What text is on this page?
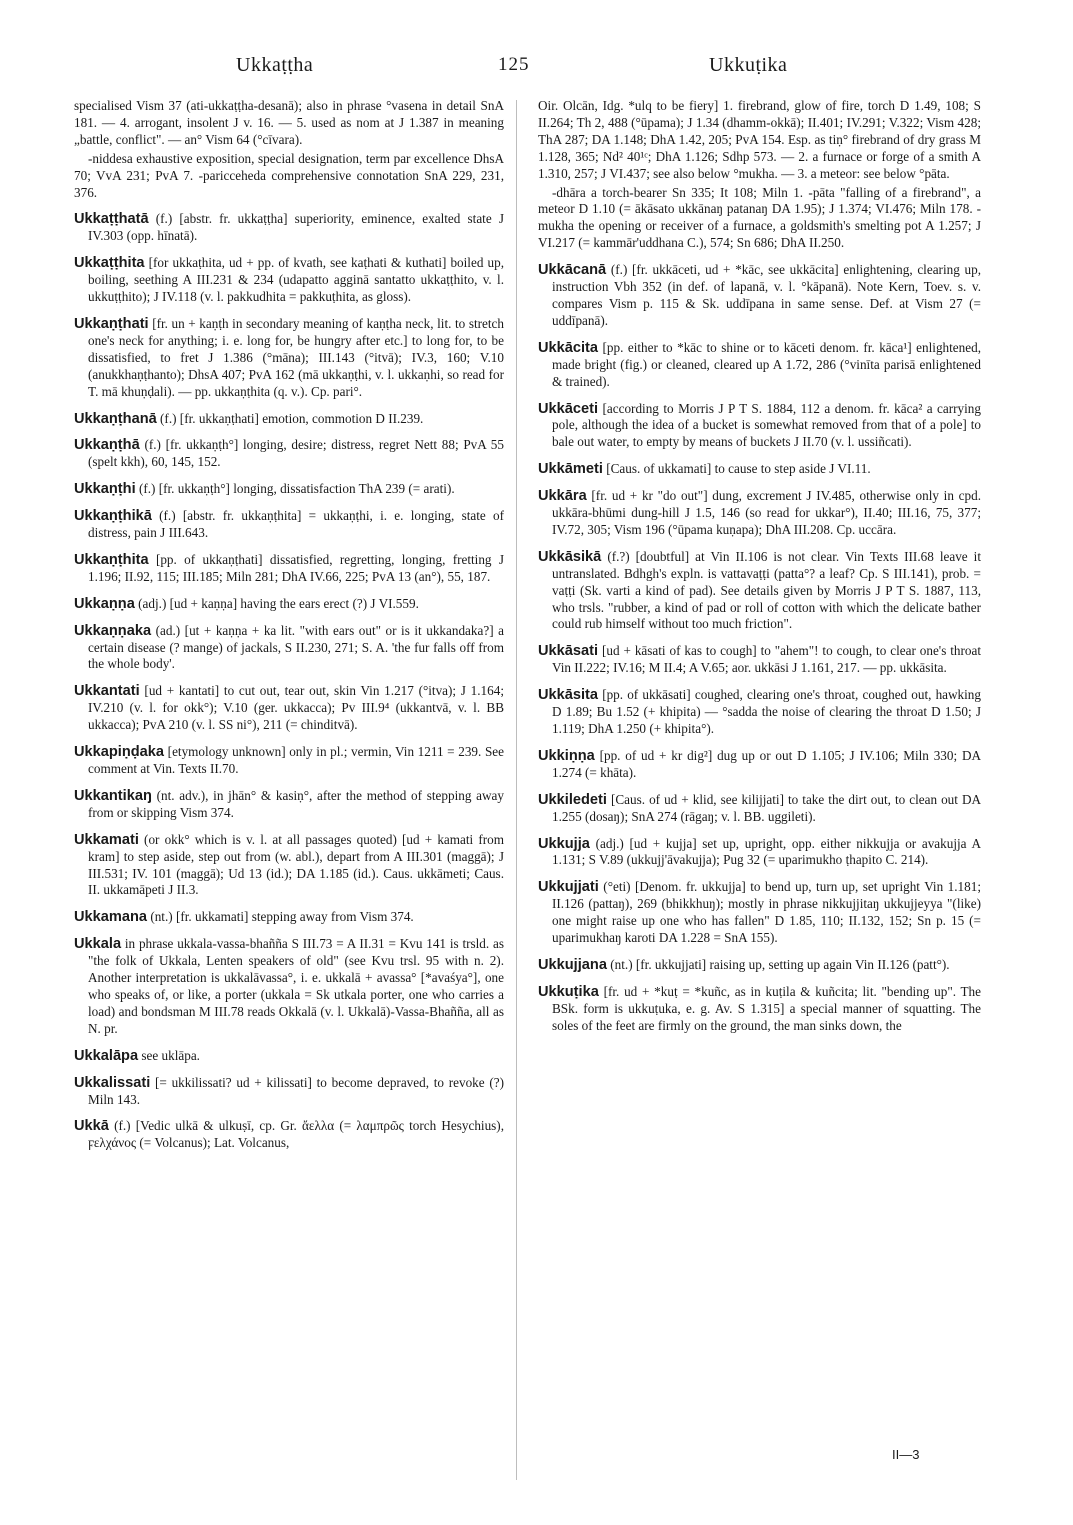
Ukkaṭṭha	125	Ukkuṭika
specialised Vism 37 (ati-ukkaṭṭha-desanā); also in phrase °vasena in detail SnA 181. — 4. arrogant, insolent J v. 16. — 5. used as nom at J 1.387 in meaning „battle, conflict". — an° Vism 64 (°cīvara).
-niddesa exhaustive exposition, special designation, term par excellence DhsA 70; VvA 231; PvA 7. -paricceheda comprehensive connotation SnA 229, 231, 376.
Ukkaṭṭhatā (f.) [abstr. fr. ukkaṭṭha] superiority, eminence, exalted state J IV.303 (opp. hīnatā).
Ukkaṭṭhita [for ukkaṭhita, ud + pp. of kvath, see kaṭhati & kuthati] boiled up, boiling, seething A III.231 & 234 (udapatto agginā santatto ukkaṭṭhito, v. l. ukkuṭṭhito); J IV.118 (v. l. pakkudhita = pakkuṭhita, as gloss).
Ukkaṇṭhati [fr. un + kaṇṭh in secondary meaning of kaṇṭha neck, lit. to stretch one's neck for anything; i. e. long for, be hungry after etc.] to long for, to be dissatisfied, to fret J 1.386 (°māna); III.143 (°itvā); IV.3, 160; V.10 (anukkhaṇṭhanto); DhsA 407; PvA 162 (mā ukkaṇṭhi, v. l. ukkaṇhi, so read for T. mā khuṇḍali). — pp. ukkaṇṭhita (q. v.). Cp. pari°.
Ukkaṇṭhanā (f.) [fr. ukkaṇṭhati] emotion, commotion D II.239.
Ukkaṇṭhā (f.) [fr. ukkaṇṭh°] longing, desire; distress, regret Nett 88; PvA 55 (spelt kkh), 60, 145, 152.
Ukkaṇṭhi (f.) [fr. ukkaṇṭh°] longing, dissatisfaction ThA 239 (= arati).
Ukkaṇṭhikā (f.) [abstr. fr. ukkaṇṭhita] = ukkaṇṭhi, i. e. longing, state of distress, pain J III.643.
Ukkaṇṭhita [pp. of ukkaṇṭhati] dissatisfied, regretting, longing, fretting J 1.196; II.92, 115; III.185; Miln 281; DhA IV.66, 225; PvA 13 (an°), 55, 187.
Ukkaṇṇa (adj.) [ud + kaṇṇa] having the ears erect (?) J VI.559.
Ukkaṇṇaka (ad.) [ut + kaṇṇa + ka lit. "with ears out" or is it ukkandaka?] a certain disease (? mange) of jackals, S II.230, 271; S. A. 'the fur falls off from the whole body'.
Ukkantati [ud + kantati] to cut out, tear out, skin Vin 1.217 (°itva); J 1.164; IV.210 (v. l. for okk°); V.10 (ger. ukkacca); Pv III.9⁴ (ukkantvā, v. l. BB ukkacca); PvA 210 (v. l. SS ni°), 211 (= chinditvā).
Ukkapiṇḍaka [etymology unknown] only in pl.; vermin, Vin 1211 = 239. See comment at Vin. Texts II.70.
Ukkantikaŋ (nt. adv.), in jhān° & kasiṇ°, after the method of stepping away from or skipping Vism 374.
Ukkamati (or okk° which is v. l. at all passages quoted) [ud + kamati from kram] to step aside, step out from (w. abl.), depart from A III.301 (maggā); J III.531; IV. 101 (maggā); Ud 13 (id.); DA 1.185 (id.). Caus. ukkāmeti; Caus. II. ukkamāpeti J II.3.
Ukkamana (nt.) [fr. ukkamati] stepping away from Vism 374.
Ukkala in phrase ukkala-vassa-bhañña S III.73 = A II.31 = Kvu 141 is trsld. as "the folk of Ukkala, Lenten speakers of old" (see Kvu trsl. 95 with n. 2). Another interpretation is ukkalāvassa°, i. e. ukkalā + avassa° [*avaśya°], one who speaks of, or like, a porter (ukkala = Sk utkala porter, one who carries a load) and bondsman M III.78 reads Okkalā (v. l. Ukkalā)-Vassa-Bhañña, all as N. pr.
Ukkalāpa see uklāpa.
Ukkalissati [= ukkilissati? ud + kilissati] to become depraved, to revoke (?) Miln 143.
Ukkā (f.) [Vedic ulkā & ulkuṣī, cp. Gr. ἄελλα (= λαμπρῶς torch Hesychius), ϝελχάνος (= Volcanus); Lat. Volcanus,
Oir. Olcān, Idg. *ulq to be fiery] 1. firebrand, glow of fire, torch D 1.49, 108; S II.264; Th 2, 488 (°ūpama); J 1.34 (dhamm-okkā); II.401; IV.291; V.322; Vism 428; ThA 287; DA 1.148; DhA 1.42, 205; PvA 154. Esp. as tiṇ° firebrand of dry grass M 1.128, 365; Nd² 40¹ᶜ; DhA 1.126; Sdhp 573. — 2. a furnace or forge of a smith A 1.310, 257; J VI.437; see also below °mukha. — 3. a meteor: see below °pāta.
-dhāra a torch-bearer Sn 335; It 108; Miln 1. -pāta "falling of a firebrand", a meteor D 1.10 (= ākāsato ukkānaŋ patanaŋ DA 1.95); J 1.374; VI.476; Miln 178. -mukha the opening or receiver of a furnace, a goldsmith's smelting pot A 1.257; J VI.217 (= kammār'uddhana C.), 574; Sn 686; DhA II.250.
Ukkācanā (f.) [fr. ukkāceti, ud + *kāc, see ukkācita] enlightening, clearing up, instruction Vbh 352 (in def. of lapanā, v. l. °kāpanā). Note Kern, Toev. s. v. compares Vism p. 115 & Sk. uddīpana in same sense. Def. at Vism 27 (= uddīpanā).
Ukkācita [pp. either to *kāc to shine or to kāceti denom. fr. kāca¹] enlightened, made bright (fig.) or cleaned, cleared up A 1.72, 286 (°vinīta parisā enlightened & trained).
Ukkāceti [according to Morris J P T S. 1884, 112 a denom. fr. kāca² a carrying pole, although the idea of a bucket is somewhat removed from that of a pole] to bale out water, to empty by means of buckets J II.70 (v. l. ussiñcati).
Ukkāmeti [Caus. of ukkamati] to cause to step aside J VI.11.
Ukkāra [fr. ud + kr "do out"] dung, excrement J IV.485, otherwise only in cpd. ukkāra-bhūmi dung-hill J 1.5, 146 (so read for ukkar°), II.40; III.16, 75, 377; IV.72, 305; Vism 196 (°ūpama kuṇapa); DhA III.208. Cp. uccāra.
Ukkāsikā (f.?) [doubtful] at Vin II.106 is not clear. Vin Texts III.68 leave it untranslated. Bdhgh's expln. is vattavaṭṭi (patta°? a leaf? Cp. S III.141), prob. = vaṭṭi (Sk. varti a kind of pad). See details given by Morris J P T S. 1887, 113, who trsls. "rubber, a kind of pad or roll of cotton with which the delicate bather could rub himself without too much friction".
Ukkāsati [ud + kāsati of kas to cough] to "ahem"! to cough, to clear one's throat Vin II.222; IV.16; M II.4; A V.65; aor. ukkāsi J 1.161, 217. — pp. ukkāsita.
Ukkāsita [pp. of ukkāsati] coughed, clearing one's throat, coughed out, hawking D 1.89; Bu 1.52 (+ khipita) — °sadda the noise of clearing the throat D 1.50; J 1.119; DhA 1.250 (+ khipita°).
Ukkiṇṇa [pp. of ud + kr dig²] dug up or out D 1.105; J IV.106; Miln 330; DA 1.274 (= khāta).
Ukkiledeti [Caus. of ud + klid, see kilijjati] to take the dirt out, to clean out DA 1.255 (dosaŋ); SnA 274 (rāgaŋ; v. l. BB. uggileti).
Ukkujja (adj.) [ud + kujja] set up, upright, opp. either nikkujja or avakujja A 1.131; S V.89 (ukkujj'āvakujja); Pug 32 (= uparimukho ṭhapito C. 214).
Ukkujjati (°eti) [Denom. fr. ukkujja] to bend up, turn up, set upright Vin 1.181; II.126 (pattaŋ), 269 (bhikkhuŋ); mostly in phrase nikkujjitaŋ ukkujjeyya "(like) one might raise up one who has fallen" D 1.85, 110; II.132, 152; Sn p. 15 (= uparimukhaŋ karoti DA 1.228 = SnA 155).
Ukkujjana (nt.) [fr. ukkujjati] raising up, setting up again Vin II.126 (patt°).
Ukkuṭika [fr. ud + *kuṭ = *kuñc, as in kuṭila & kuñcita; lit. "bending up". The BSk. form is ukkuṭuka, e. g. Av. S 1.315] a special manner of squatting. The soles of the feet are firmly on the ground, the man sinks down, the
II—3
